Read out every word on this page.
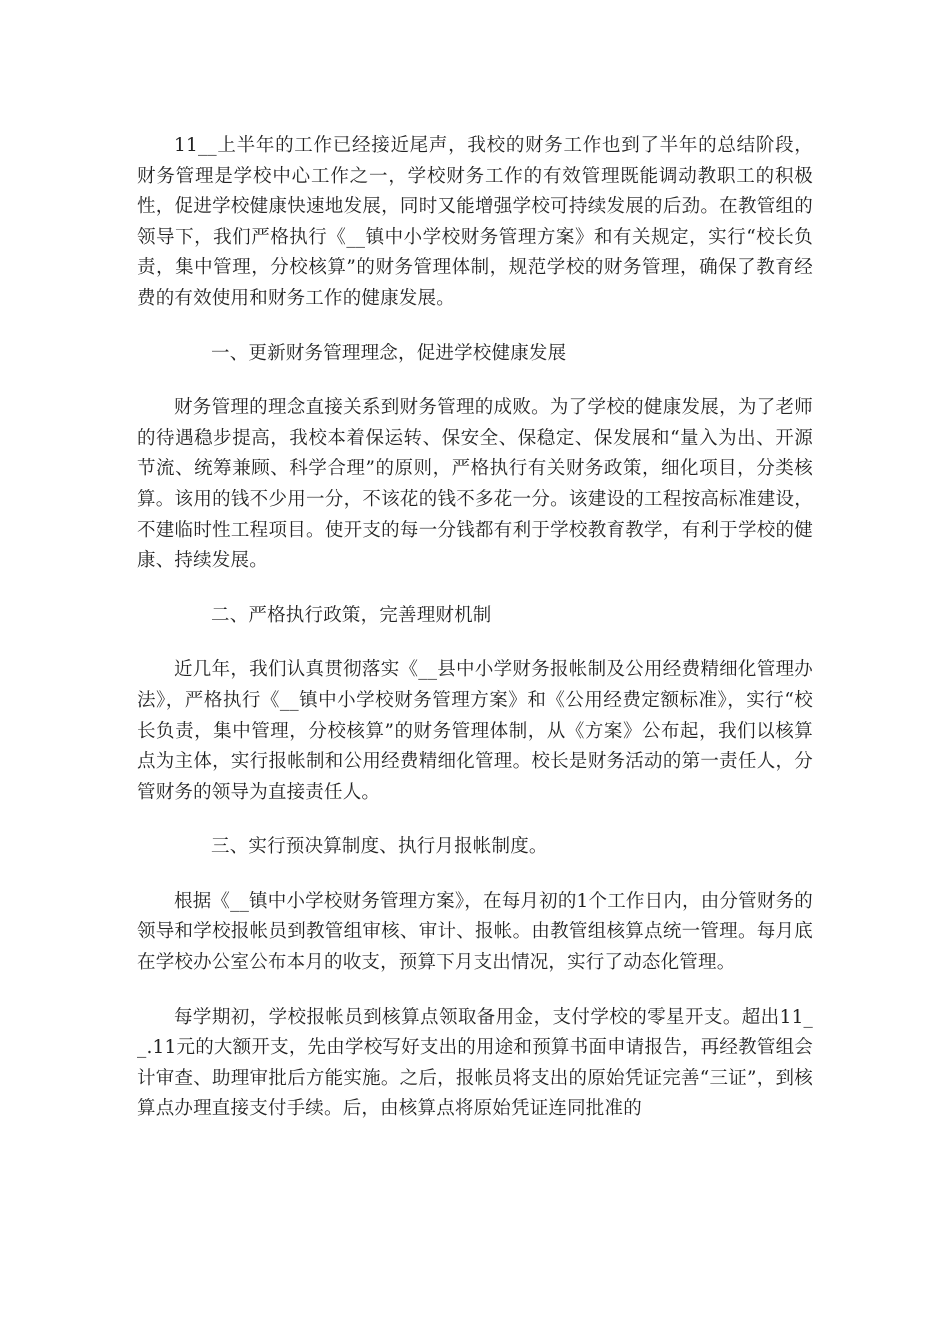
11__上半年的工作已经接近尾声，我校的财务工作也到了半年的总结阶段，财务管理是学校中心工作之一，学校财务工作的有效管理既能调动教职工的积极性，促进学校健康快速地发展，同时又能增强学校可持续发展的后劲。在教管组的领导下，我们严格执行《__镇中小学校财务管理方案》和有关规定，实行“校长负责，集中管理，分校核算”的财务管理体制，规范学校的财务管理，确保了教育经费的有效使用和财务工作的健康发展。

一、更新财务管理理念，促进学校健康发展

财务管理的理念直接关系到财务管理的成败。为了学校的健康发展，为了老师的待遇稳步提高，我校本着保运转、保安全、保稳定、保发展和“量入为出、开源节流、统筹兼顾、科学合理”的原则，严格执行有关财务政策，细化项目，分类核算。该用的钱不少用一分，不该花的钱不多花一分。该建设的工程按高标准建设，不建临时性工程项目。使开支的每一分钱都有利于学校教育教学，有利于学校的健康、持续发展。

二、严格执行政策，完善理财机制

近几年，我们认真贯彻落实《__县中小学财务报帐制及公用经费精细化管理办法》，严格执行《__镇中小学校财务管理方案》和《公用经费定额标准》，实行“校长负责，集中管理，分校核算”的财务管理体制，从《方案》公布起，我们以核算点为主体，实行报帐制和公用经费精细化管理。校长是财务活动的第一责任人，分管财务的领导为直接责任人。

三、实行预决算制度、执行月报帐制度。

根据《__镇中小学校财务管理方案》，在每月初的1个工作日内，由分管财务的领导和学校报帐员到教管组审核、审计、报帐。由教管组核算点统一管理。每月底在学校办公室公布本月的收支，预算下月支出情况，实行了动态化管理。

每学期初，学校报帐员到核算点领取备用金，支付学校的零星开支。超出11__.11元的大额开支，先由学校写好支出的用途和预算书面申请报告，再经教管组会计审查、助理审批后方能实施。之后，报帐员将支出的原始凭证完善“三证”，到核算点办理直接支付手续。后，由核算点将原始凭证连同批准的
